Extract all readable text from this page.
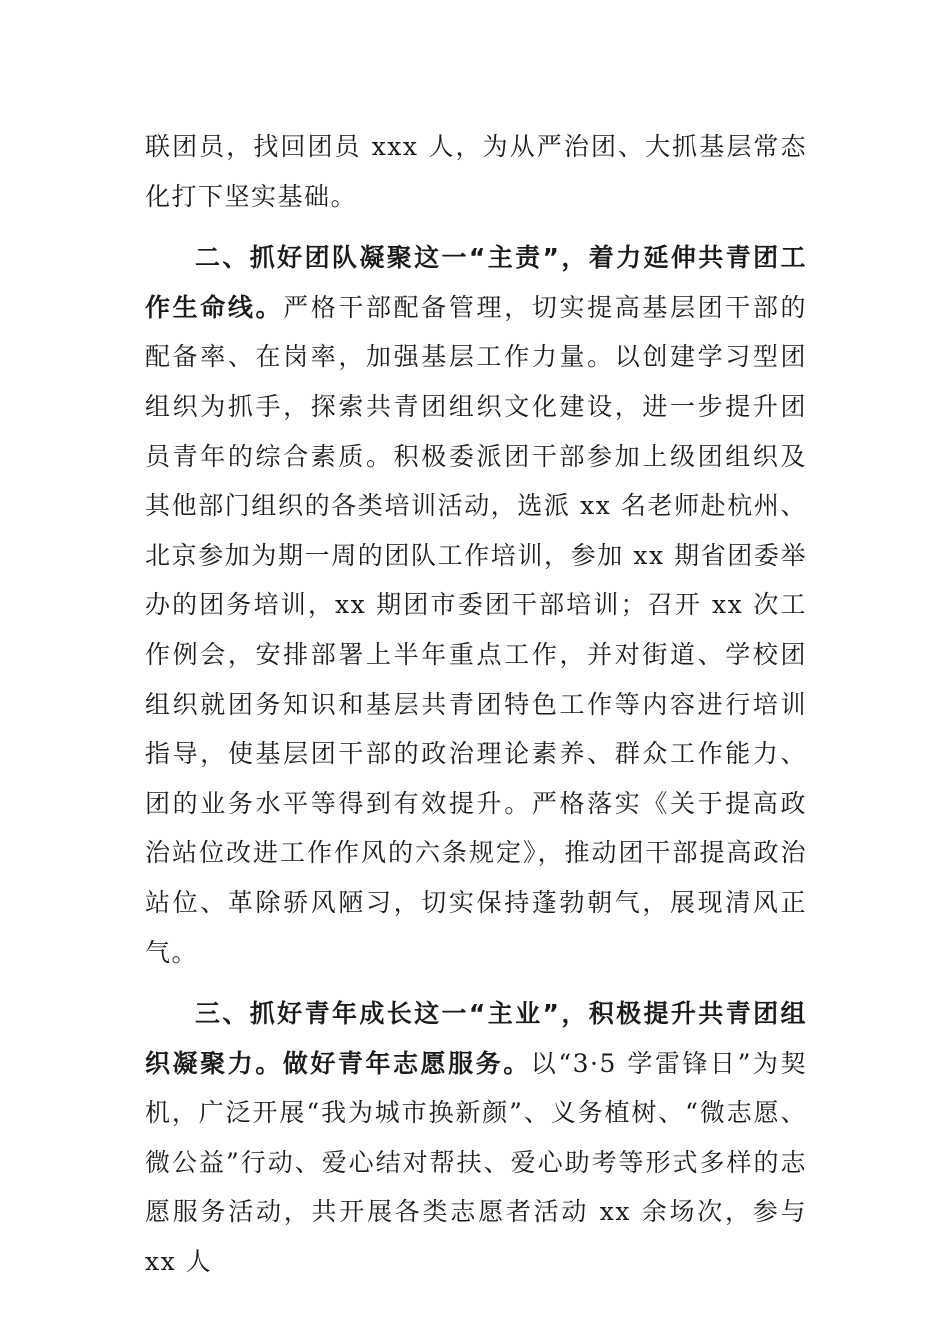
联团员，找回团员 xxx 人，为从严治团、大抓基层常态化打下坚实基础。

二、抓好团队凝聚这一“主责”，着力延伸共青团工作生命线。严格干部配备管理，切实提高基层团干部的配备率、在岗率，加强基层工作力量。以创建学习型团组织为抓手，探索共青团组织文化建设，进一步提升团员青年的综合素质。积极委派团干部参加上级团组织及其他部门组织的各类培训活动，选派 xx 名老师赴杭州、北京参加为期一周的团队工作培训，参加 xx 期省团委举办的团务培训，xx 期团市委团干部培训；召开 xx 次工作例会，安排部署上半年重点工作，并对街道、学校团组织就团务知识和基层共青团特色工作等内容进行培训指导，使基层团干部的政治理论素养、群众工作能力、团的业务水平等得到有效提升。严格落实《关于提高政治站位改进工作作风的六条规定》，推动团干部提高政治站位、革除骄风陋习，切实保持蓬勃朝气，展现清风正气。

三、抓好青年成长这一“主业”，积极提升共青团组织凝聚力。做好青年志愿服务。以“3·5 学雷锋日”为契机，广泛开展“我为城市换新颜”、义务植树、“微志愿、微公益”行动、爱心结对帮扶、爱心助考等形式多样的志愿服务活动，共开展各类志愿者活动 xx 余场次，参与 xx 人
